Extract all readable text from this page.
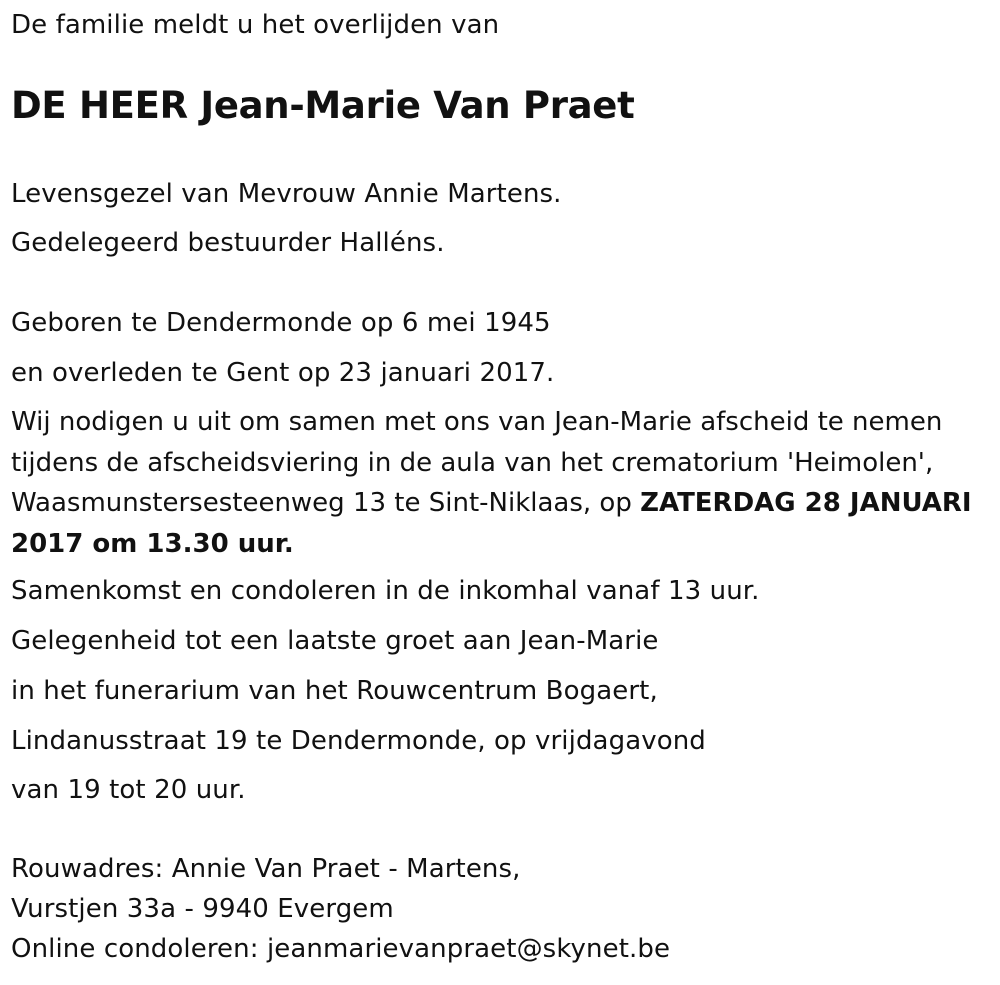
De familie meldt u het overlijden van
DE HEER Jean-Marie Van Praet
Levensgezel van Mevrouw Annie Martens.
Gedelegeerd bestuurder Halléns.
Geboren te Dendermonde op 6 mei 1945
en overleden te Gent op 23 januari 2017.
Wij nodigen u uit om samen met ons van Jean-Marie afscheid te nemen tijdens de afscheidsviering in de aula van het crematorium 'Heimolen', Waasmunstersesteenweg 13 te Sint-Niklaas, op ZATERDAG 28 JANUARI 2017 om 13.30 uur.
Samenkomst en condoleren in de inkomhal vanaf 13 uur.
Gelegenheid tot een laatste groet aan Jean-Marie
in het funerarium van het Rouwcentrum Bogaert,
Lindanusstraat 19 te Dendermonde, op vrijdagavond
van 19 tot 20 uur.
Rouwadres: Annie Van Praet - Martens,
Vurstjen 33a - 9940 Evergem
Online condoleren: jeanmarievanpraet@skynet.be
